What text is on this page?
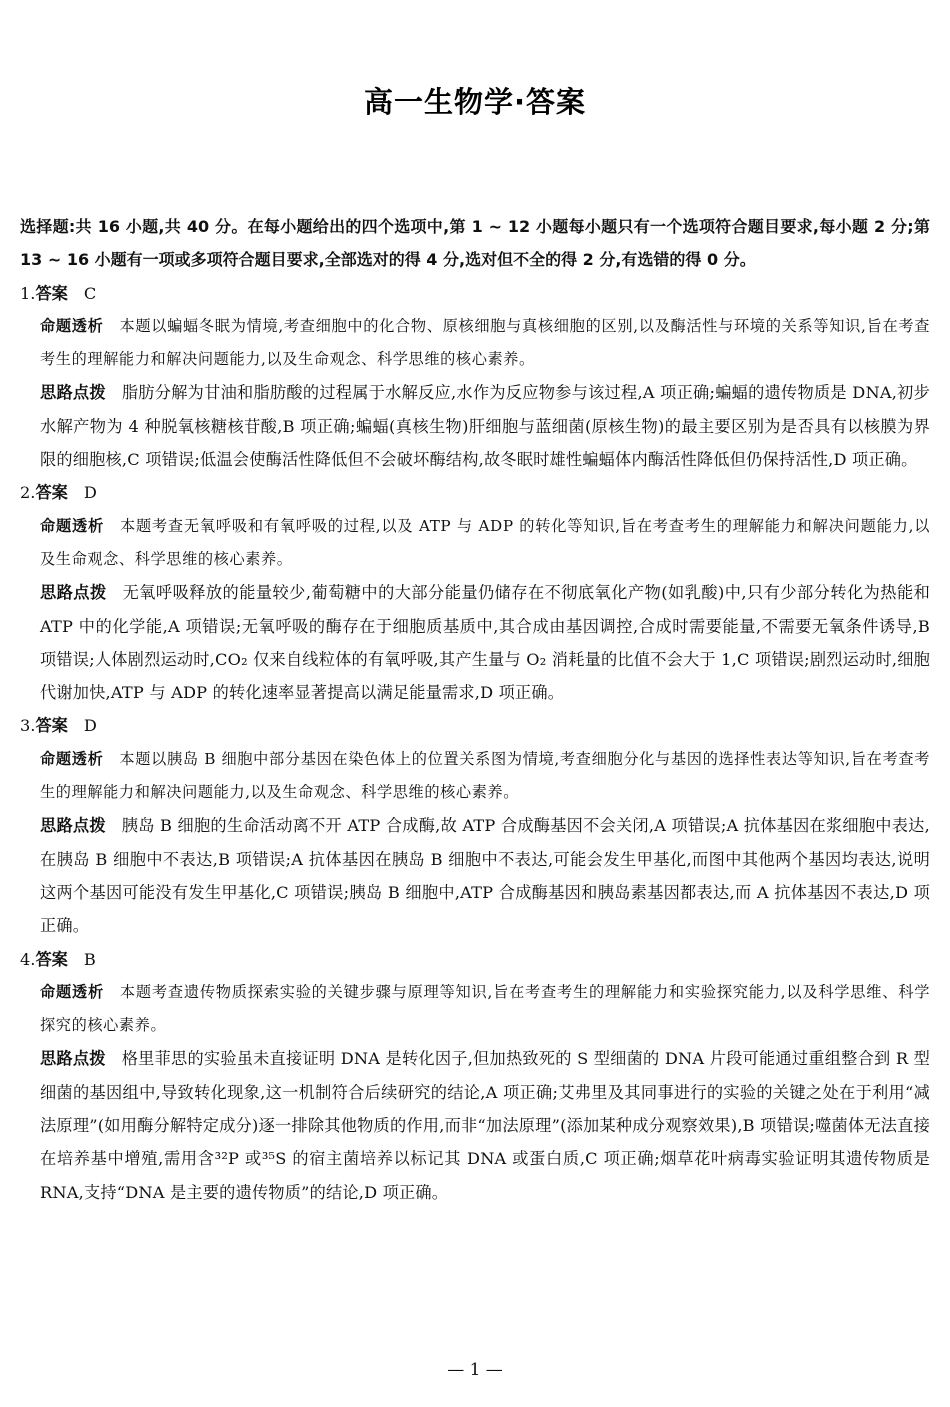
高一生物学·答案

选择题:共 16 小题,共 40 分。在每小题给出的四个选项中,第 1 ~ 12 小题每小题只有一个选项符合题目要求,每小题 2 分;第 13 ~ 16 小题有一项或多项符合题目要求,全部选对的得 4 分,选对但不全的得 2 分,有选错的得 0 分。

1.答案 C

命题透析 本题以蝙蝠冬眠为情境,考查细胞中的化合物、原核细胞与真核细胞的区别,以及酶活性与环境的关系等知识,旨在考查考生的理解能力和解决问题能力,以及生命观念、科学思维的核心素养。

思路点拨 脂肪分解为甘油和脂肪酸的过程属于水解反应,水作为反应物参与该过程,A 项正确;蝙蝠的遗传物质是 DNA,初步水解产物为 4 种脱氧核糖核苷酸,B 项正确;蝙蝠(真核生物)肝细胞与蓝细菌(原核生物)的最主要区别为是否具有以核膜为界限的细胞核,C 项错误;低温会使酶活性降低但不会破坏酶结构,故冬眠时雄性蝙蝠体内酶活性降低但仍保持活性,D 项正确。

2.答案 D

命题透析 本题考查无氧呼吸和有氧呼吸的过程,以及 ATP 与 ADP 的转化等知识,旨在考查考生的理解能力和解决问题能力,以及生命观念、科学思维的核心素养。

思路点拨 无氧呼吸释放的能量较少,葡萄糖中的大部分能量仍储存在不彻底氧化产物(如乳酸)中,只有少部分转化为热能和 ATP 中的化学能,A 项错误;无氧呼吸的酶存在于细胞质基质中,其合成由基因调控,合成时需要能量,不需要无氧条件诱导,B 项错误;人体剧烈运动时,CO₂ 仅来自线粒体的有氧呼吸,其产生量与 O₂ 消耗量的比值不会大于 1,C 项错误;剧烈运动时,细胞代谢加快,ATP 与 ADP 的转化速率显著提高以满足能量需求,D 项正确。

3.答案 D

命题透析 本题以胰岛 B 细胞中部分基因在染色体上的位置关系图为情境,考查细胞分化与基因的选择性表达等知识,旨在考查考生的理解能力和解决问题能力,以及生命观念、科学思维的核心素养。

思路点拨 胰岛 B 细胞的生命活动离不开 ATP 合成酶,故 ATP 合成酶基因不会关闭,A 项错误;A 抗体基因在浆细胞中表达,在胰岛 B 细胞中不表达,B 项错误;A 抗体基因在胰岛 B 细胞中不表达,可能会发生甲基化,而图中其他两个基因均表达,说明这两个基因可能没有发生甲基化,C 项错误;胰岛 B 细胞中,ATP 合成酶基因和胰岛素基因都表达,而 A 抗体基因不表达,D 项正确。

4.答案 B

命题透析 本题考查遗传物质探索实验的关键步骤与原理等知识,旨在考查考生的理解能力和实验探究能力,以及科学思维、科学探究的核心素养。

思路点拨 格里菲思的实验虽未直接证明 DNA 是转化因子,但加热致死的 S 型细菌的 DNA 片段可能通过重组整合到 R 型细菌的基因组中,导致转化现象,这一机制符合后续研究的结论,A 项正确;艾弗里及其同事进行的实验的关键之处在于利用“减法原理”(如用酶分解特定成分)逐一排除其他物质的作用,而非“加法原理”(添加某种成分观察效果),B 项错误;噬菌体无法直接在培养基中增殖,需用含³²P 或³⁵S 的宿主菌培养以标记其 DNA 或蛋白质,C 项正确;烟草花叶病毒实验证明其遗传物质是 RNA,支持“DNA 是主要的遗传物质”的结论,D 项正确。

— 1 —
